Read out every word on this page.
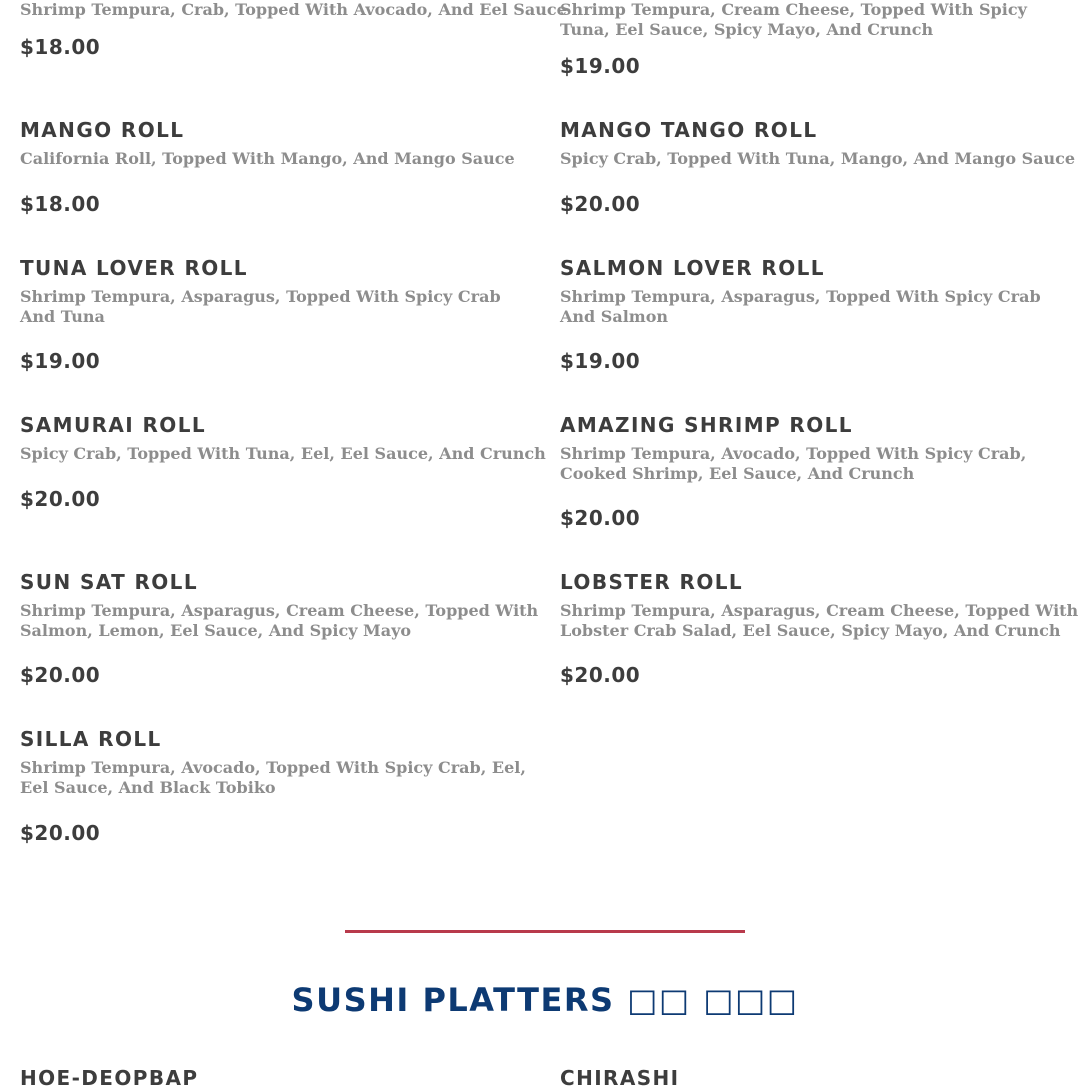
Shrimp Tempura, Crab, Topped With Avocado, And Eel Sauce

$18.00

Shrimp Tempura, Cream Cheese, Topped With Spicy Tuna, Eel Sauce, Spicy Mayo, And Crunch

$19.00
MANGO ROLL

California Roll, Topped With Mango, And Mango Sauce

$18.00
MANGO TANGO ROLL

Spicy Crab, Topped With Tuna, Mango, And Mango Sauce

$20.00
TUNA LOVER ROLL

Shrimp Tempura, Asparagus, Topped With Spicy Crab And Tuna

$19.00
SALMON LOVER ROLL

Shrimp Tempura, Asparagus, Topped With Spicy Crab And Salmon

$19.00
SAMURAI ROLL

Spicy Crab, Topped With Tuna, Eel, Eel Sauce, And Crunch

$20.00
AMAZING SHRIMP ROLL

Shrimp Tempura, Avocado, Topped With Spicy Crab, Cooked Shrimp, Eel Sauce, And Crunch

$20.00
SUN SAT ROLL

Shrimp Tempura, Asparagus, Cream Cheese, Topped With Salmon, Lemon, Eel Sauce, And Spicy Mayo

$20.00
LOBSTER ROLL

Shrimp Tempura, Asparagus, Cream Cheese, Topped With Lobster Crab Salad, Eel Sauce, Spicy Mayo, And Crunch

$20.00
SILLA ROLL

Shrimp Tempura, Avocado, Topped With Spicy Crab, Eel, Eel Sauce, And Black Tobiko

$20.00
SUSHI PLATTERS □□ □□□
HOE-DEOPBAP	CHIRASHI
